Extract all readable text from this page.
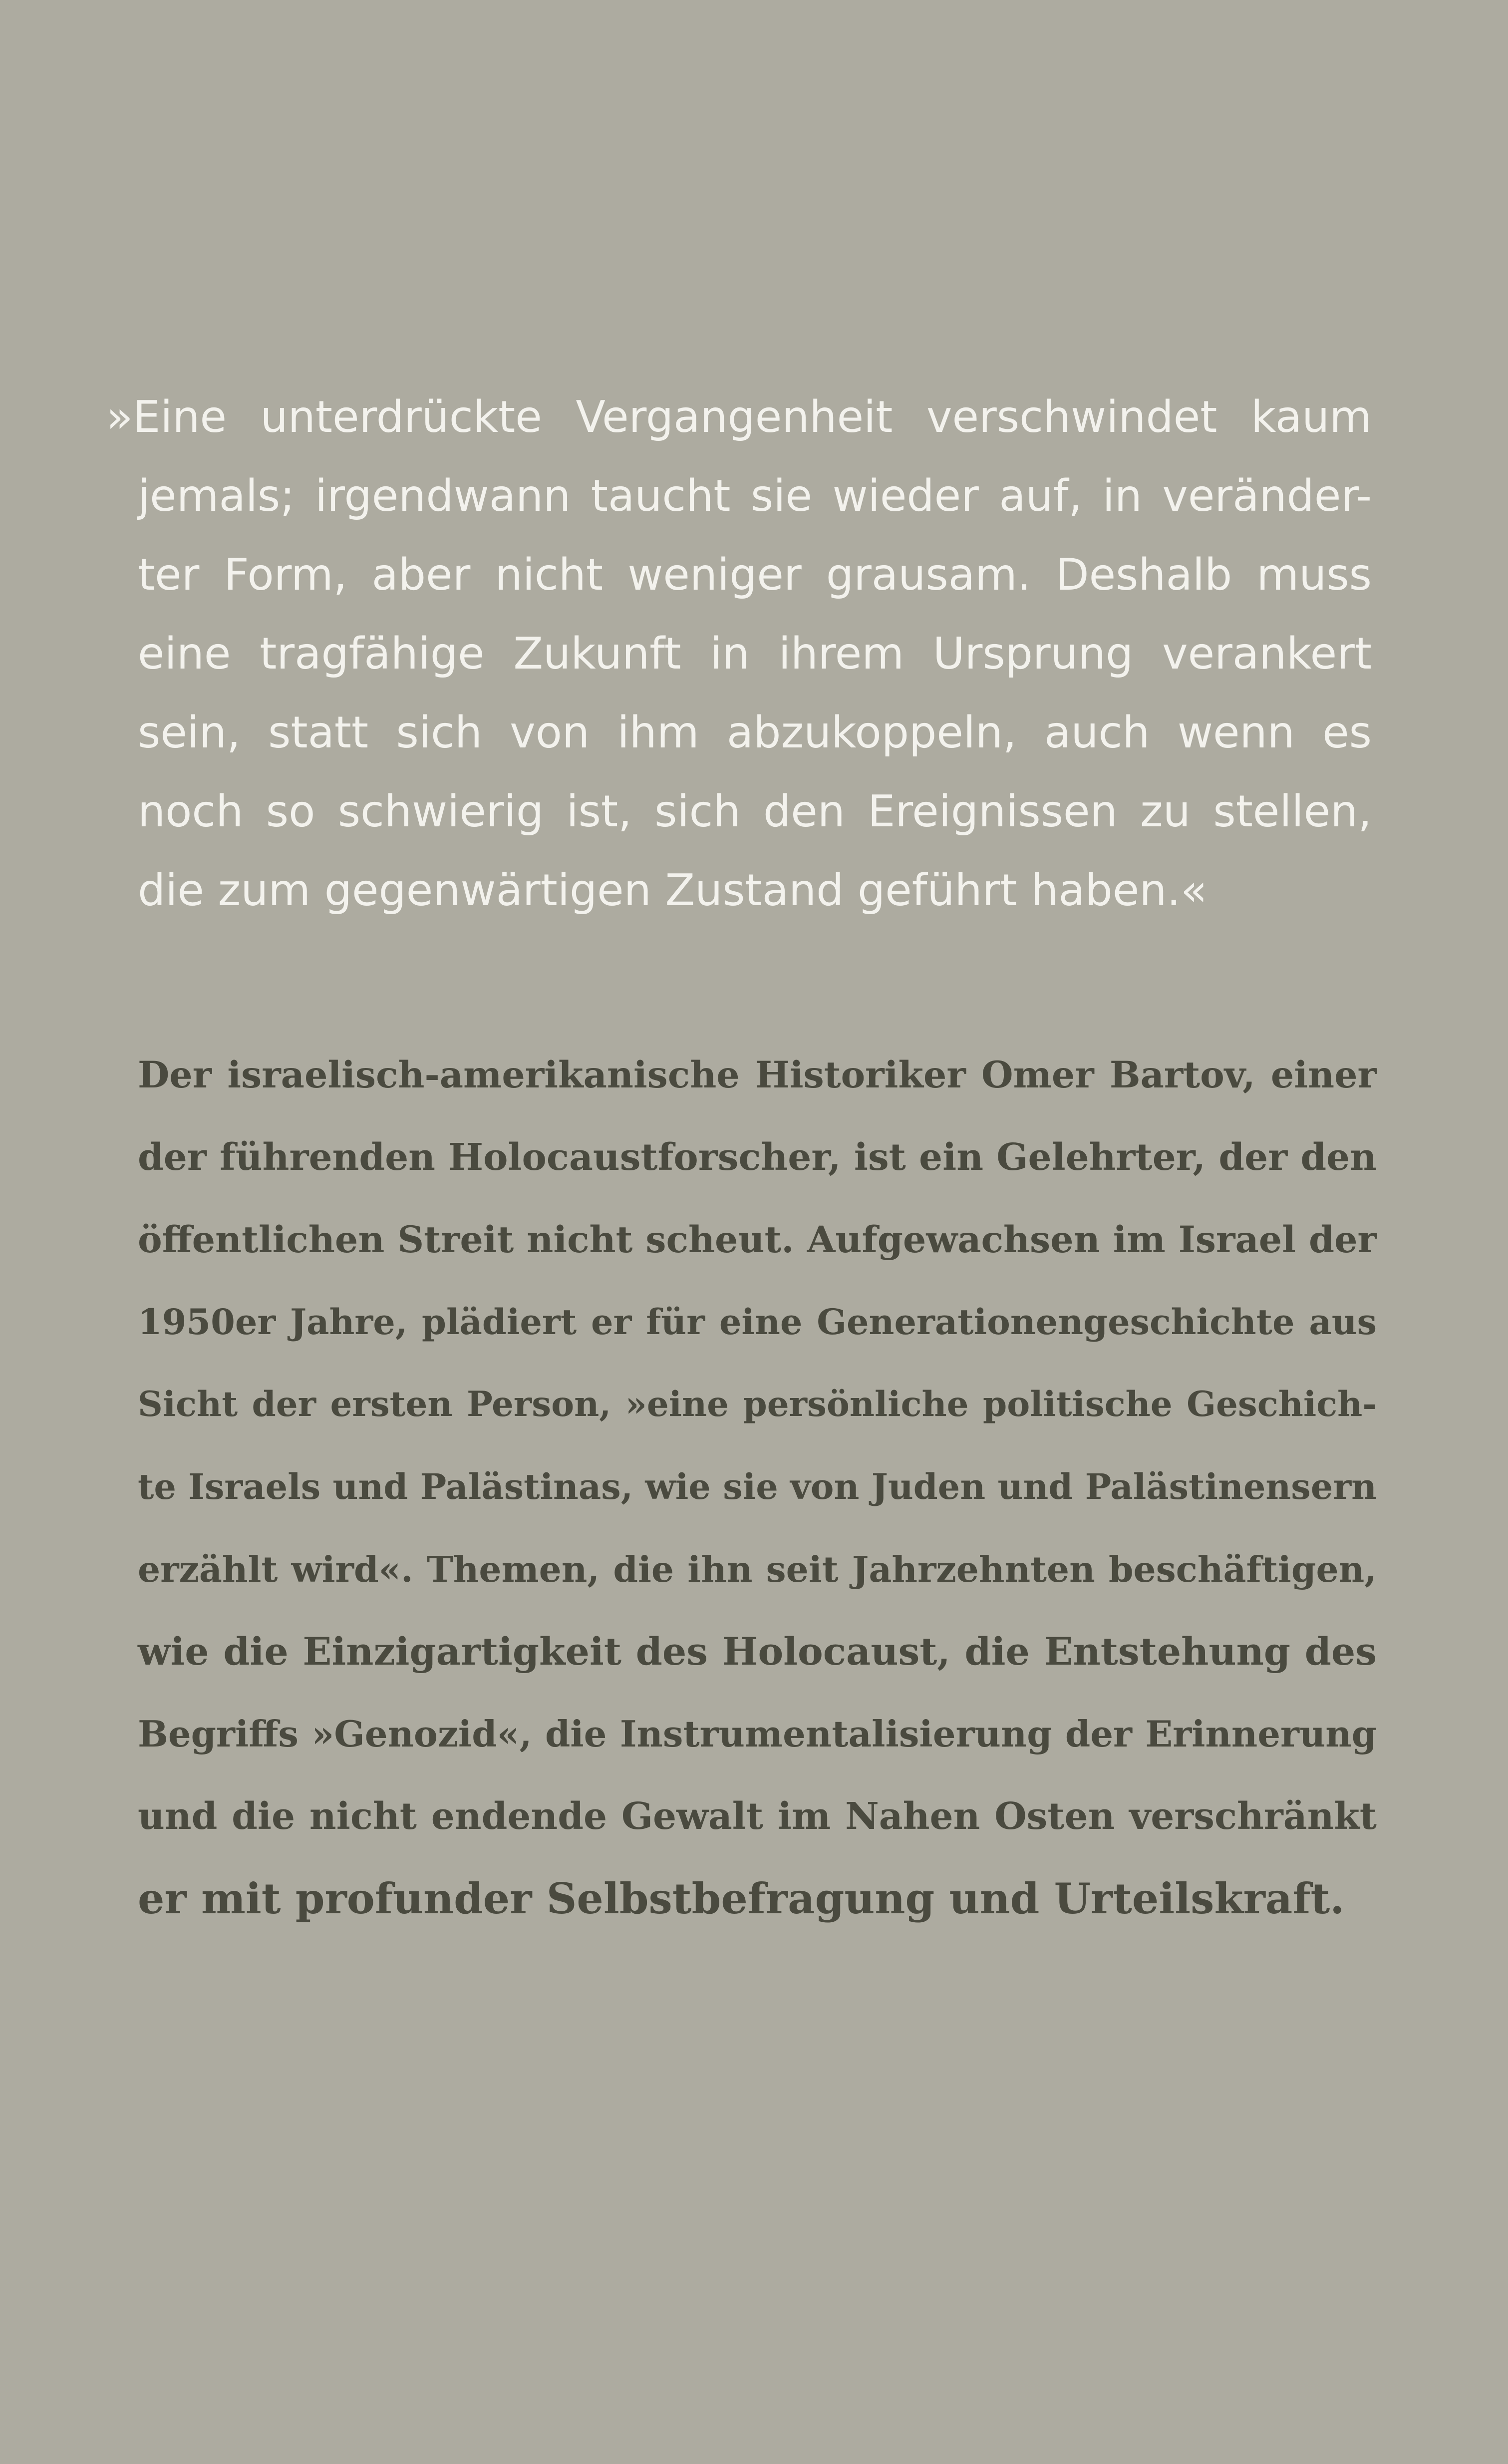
»Eine unterdrückte Vergangenheit verschwindet kaum
jemals; irgendwann taucht sie wieder auf, in veränder-
ter Form, aber nicht weniger grausam. Deshalb muss
eine tragfähige Zukunft in ihrem Ursprung verankert
sein, statt sich von ihm abzukoppeln, auch wenn es
noch so schwierig ist, sich den Ereignissen zu stellen,
die zum gegenwärtigen Zustand geführt haben.«
Der israelisch-amerikanische Historiker Omer Bartov, einer
der führenden Holocaustforscher, ist ein Gelehrter, der den
öffentlichen Streit nicht scheut. Aufgewachsen im Israel der
1950er Jahre, plädiert er für eine Generationengeschichte aus
Sicht der ersten Person, »eine persönliche politische Geschich-
te Israels und Palästinas, wie sie von Juden und Palästinensern
erzählt wird«. Themen, die ihn seit Jahrzehnten beschäftigen,
wie die Einzigartigkeit des Holocaust, die Entstehung des
Begriffs »Genozid«, die Instrumentalisierung der Erinnerung
und die nicht endende Gewalt im Nahen Osten verschränkt
er mit profunder Selbstbefragung und Urteilskraft.
